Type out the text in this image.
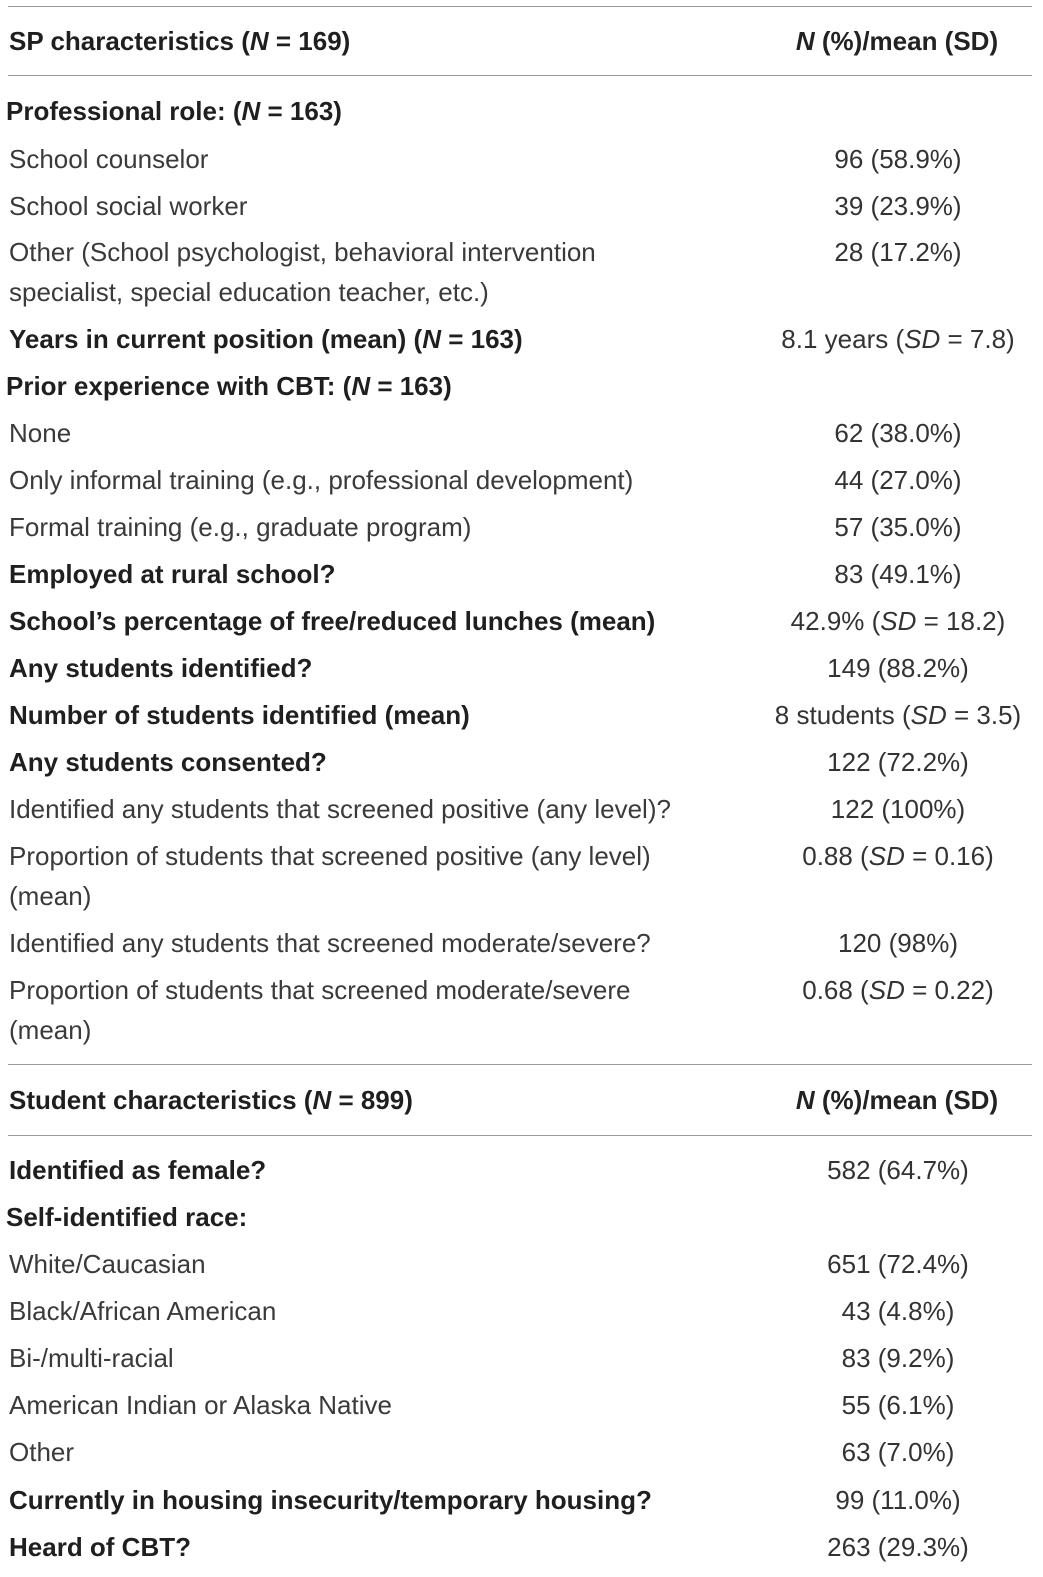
SP characteristics (N = 169)	N (%)/mean (SD)
Professional role: (N = 163)
School counselor	96 (58.9%)
School social worker	39 (23.9%)
Other (School psychologist, behavioral intervention	28 (17.2%)
specialist, special education teacher, etc.)
Years in current position (mean) (N = 163)	8.1 years (SD = 7.8)
Prior experience with CBT: (N = 163)
None	62 (38.0%)
Only informal training (e.g., professional development)	44 (27.0%)
Formal training (e.g., graduate program)	57 (35.0%)
Employed at rural school?	83 (49.1%)
School’s percentage of free/reduced lunches (mean)	42.9% (SD = 18.2)
Any students identified?	149 (88.2%)
Number of students identified (mean)	8 students (SD = 3.5)
Any students consented?	122 (72.2%)
Identified any students that screened positive (any level)?	122 (100%)
Proportion of students that screened positive (any level)	0.88 (SD = 0.16)
(mean)
Identified any students that screened moderate/severe?	120 (98%)
Proportion of students that screened moderate/severe	0.68 (SD = 0.22)
(mean)
Student characteristics (N = 899)	N (%)/mean (SD)
Identified as female?	582 (64.7%)
Self-identified race:
White/Caucasian	651 (72.4%)
Black/African American	43 (4.8%)
Bi-/multi-racial	83 (9.2%)
American Indian or Alaska Native	55 (6.1%)
Other	63 (7.0%)
Currently in housing insecurity/temporary housing?	99 (11.0%)
Heard of CBT?	263 (29.3%)
